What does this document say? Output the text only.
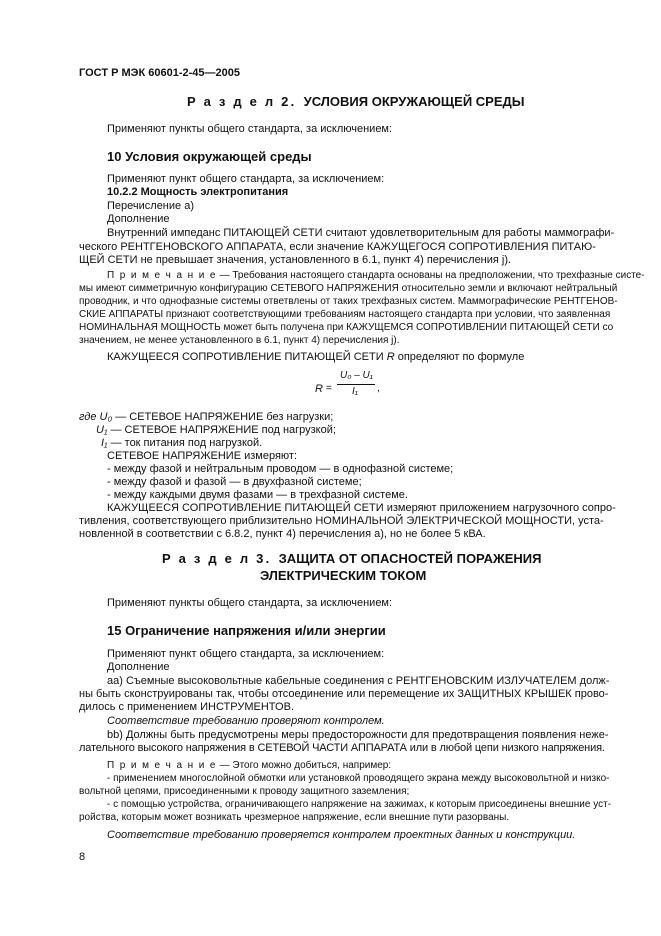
ГОСТ Р МЭК 60601-2-45—2005
Р а з д е л 2. УСЛОВИЯ ОКРУЖАЮЩЕЙ СРЕДЫ
Применяют пункты общего стандарта, за исключением:
10 Условия окружающей среды
Применяют пункт общего стандарта, за исключением:
10.2.2 Мощность электропитания
Перечисление a)
Дополнение
Внутренний импеданс ПИТАЮЩЕЙ СЕТИ считают удовлетворительным для работы маммографи-
ческого РЕНТГЕНОВСКОГО АППАРАТА, если значение КАЖУЩЕГОСЯ СОПРОТИВЛЕНИЯ ПИТАЮ-
ЩЕЙ СЕТИ не превышает значения, установленного в 6.1, пункт 4) перечисления j).
П р и м е ч а н и е — Требования настоящего стандарта основаны на предположении, что трехфазные систе-
мы имеют симметричную конфигурацию СЕТЕВОГО НАПРЯЖЕНИЯ относительно земли и включают нейтральный
проводник, и что однофазные системы ответвлены от таких трехфазных систем. Маммографические РЕНТГЕНОВ-
СКИЕ АППАРАТЫ признают соответствующими требованиям настоящего стандарта при условии, что заявленная
НОМИНАЛЬНАЯ МОЩНОСТЬ может быть получена при КАЖУЩЕМСЯ СОПРОТИВЛЕНИИ ПИТАЮЩЕЙ СЕТИ со
значением, не менее установленного в 6.1, пункт 4) перечисления j).
КАЖУЩЕЕСЯ СОПРОТИВЛЕНИЕ ПИТАЮЩЕЙ СЕТИ R определяют по формуле
R =
U₀ – U₁
I₁ ,
где U₀ — СЕТЕВОЕ НАПРЯЖЕНИЕ без нагрузки;
U₁ — СЕТЕВОЕ НАПРЯЖЕНИЕ под нагрузкой;
I₁ — ток питания под нагрузкой.
СЕТЕВОЕ НАПРЯЖЕНИЕ измеряют:
- между фазой и нейтральным проводом — в однофазной системе;
- между фазой и фазой — в двухфазной системе;
- между каждыми двумя фазами — в трехфазной системе.
КАЖУЩЕЕСЯ СОПРОТИВЛЕНИЕ ПИТАЮЩЕЙ СЕТИ измеряют приложением нагрузочного сопро-
тивления, соответствующего приблизительно НОМИНАЛЬНОЙ ЭЛЕКТРИЧЕСКОЙ МОЩНОСТИ, уста-
новленной в соответствии с 6.8.2, пункт 4) перечисления a), но не более 5 кВА.
Р а з д е л 3. ЗАЩИТА ОТ ОПАСНОСТЕЙ ПОРАЖЕНИЯ
ЭЛЕКТРИЧЕСКИМ ТОКОМ
Применяют пункты общего стандарта, за исключением:
15 Ограничение напряжения и/или энергии
Применяют пункт общего стандарта, за исключением:
Дополнение
aa) Съемные высоковольтные кабельные соединения с РЕНТГЕНОВСКИМ ИЗЛУЧАТЕЛЕМ долж-
ны быть сконструированы так, чтобы отсоединение или перемещение их ЗАЩИТНЫХ КРЫШЕК прово-
дилось с применением ИНСТРУМЕНТОВ.
Соответствие требованию проверяют контролем.
bb) Должны быть предусмотрены меры предосторожности для предотвращения появления нежe-
лательного высокого напряжения в СЕТЕВОЙ ЧАСТИ АППАРАТА или в любой цепи низкого напряжения.
П р и м е ч а н и е — Этого можно добиться, например:
- применением многослойной обмотки или установкой проводящего экрана между высоковольтной и низко-
вольтной цепями, присоединенными к проводу защитного заземления;
- с помощью устройства, ограничивающего напряжение на зажимах, к которым присоединены внешние уст-
ройства, которым может возникать чрезмерное напряжение, если внешние пути разорваны.
Соответствие требованию проверяется контролем проектных данных и конструкции.
8
